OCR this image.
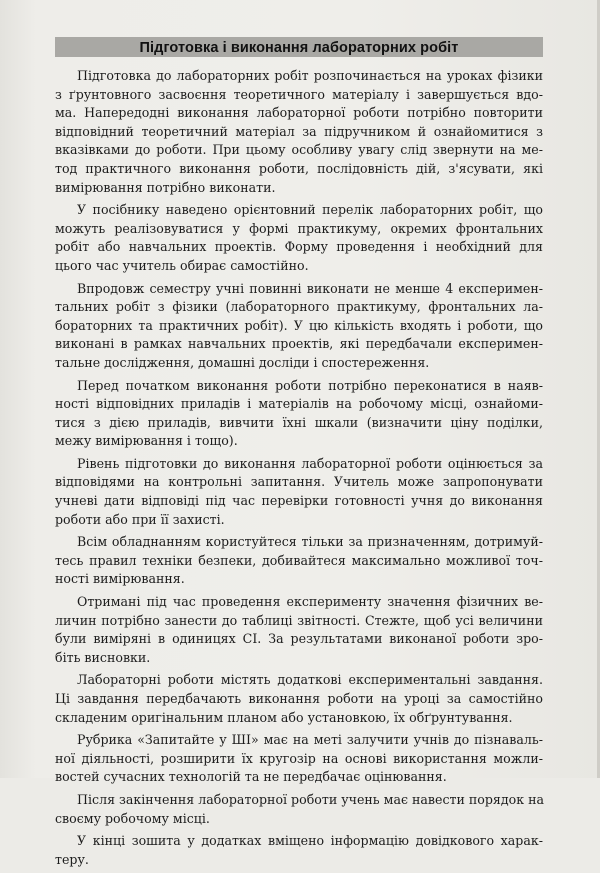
Підготовка і виконання лабораторних робіт

Підготовка до лабораторних робіт розпочинається на уроках фізики
з ґрунтовного засвоєння теоретичного матеріалу і завершується вдо-
ма. Напередодні виконання лабораторної роботи потрібно повторити
відповідний теоретичний матеріал за підручником й ознайомитися з
вказівками до роботи. При цьому особливу увагу слід звернути на ме-
тод практичного виконання роботи, послідовність дій, з'ясувати, які
вимірювання потрібно виконати.

У посібнику наведено орієнтовний перелік лабораторних робіт, що
можуть реалізовуватися у формі практикуму, окремих фронтальних
робіт або навчальних проектів. Форму проведення і необхідний для
цього час учитель обирає самостійно.

Впродовж семестру учні повинні виконати не менше 4 експеримен-
тальних робіт з фізики (лабораторного практикуму, фронтальних ла-
бораторних та практичних робіт). У цю кількість входять і роботи, що
виконані в рамках навчальних проектів, які передбачали експеримен-
тальне дослідження, домашні досліди і спостереження.

Перед початком виконання роботи потрібно переконатися в наяв-
ності відповідних приладів і матеріалів на робочому місці, ознайоми-
тися з дією приладів, вивчити їхні шкали (визначити ціну поділки,
межу вимірювання і тощо).

Рівень підготовки до виконання лабораторної роботи оцінюється за
відповідями на контрольні запитання. Учитель може запропонувати
учневі дати відповіді під час перевірки готовності учня до виконання
роботи або при її захисті.

Всім обладнанням користуйтеся тільки за призначенням, дотримуй-
тесь правил техніки безпеки, добивайтеся максимально можливої точ-
ності вимірювання.

Отримані під час проведення експерименту значення фізичних ве-
личин потрібно занести до таблиці звітності. Стежте, щоб усі величини
були виміряні в одиницях СІ. За результатами виконаної роботи зро-
біть висновки.

Лабораторні роботи містять додаткові експериментальні завдання.
Ці завдання передбачають виконання роботи на уроці за самостійно
складеним оригінальним планом або установкою, їх обґрунтування.

Рубрика «Запитайте у ШІ» має на меті залучити учнів до пізнаваль-
ної діяльності, розширити їх кругозір на основі використання можли-
востей сучасних технологій та не передбачає оцінювання.

Після закінчення лабораторної роботи учень має навести порядок на
своєму робочому місці.

У кінці зошита у додатках вміщено інформацію довідкового харак-
теру.
